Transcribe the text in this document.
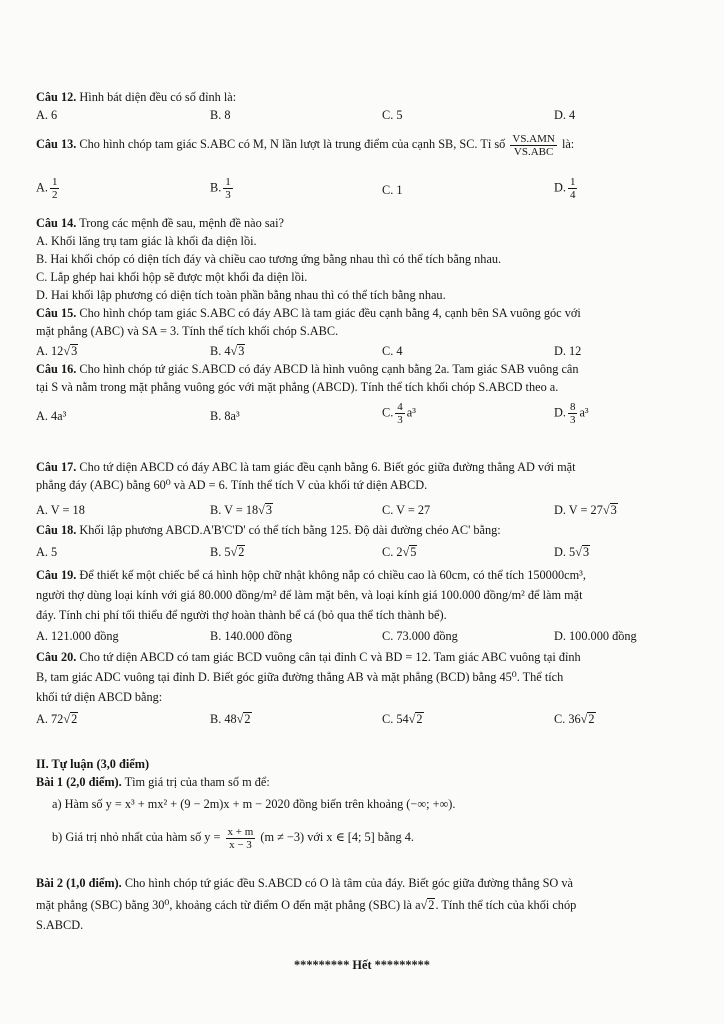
Câu 12. Hình bát diện đều có số đỉnh là:
A. 6	B. 8	C. 5	D. 4
Câu 13. Cho hình chóp tam giác S.ABC có M, N lần lượt là trung điểm của cạnh SB, SC. Tỉ số $\frac{\text{VS.AMN}}{\text{VS.ABC}}$ là:
A. $\frac{1}{2}$	B. $\frac{1}{3}$	C. 1	D. $\frac{1}{4}$
Câu 14. Trong các mệnh đề sau, mệnh đề nào sai?
A. Khối lăng trụ tam giác là khối đa diện lồi.
B. Hai khối chóp có diện tích đáy và chiều cao tương ứng bằng nhau thì có thể tích bằng nhau.
C. Lắp ghép hai khối hộp sẽ được một khối đa diện lồi.
D. Hai khối lập phương có diện tích toàn phần bằng nhau thì có thể tích bằng nhau.
Câu 15. Cho hình chóp tam giác S.ABC có đáy ABC là tam giác đều cạnh bằng 4, cạnh bên SA vuông góc với
mặt phẳng (ABC) và SA = 3. Tính thể tích khối chóp S.ABC.
A. 12√3	B. 4√3	C. 4	D. 12
Câu 16. Cho hình chóp tứ giác S.ABCD có đáy ABCD là hình vuông cạnh bằng 2a. Tam giác SAB vuông cân
tại S và nằm trong mặt phẳng vuông góc với mặt phẳng (ABCD). Tính thể tích khối chóp S.ABCD theo a.
A. 4a³	B. 8a³	C. $\frac{4}{3} a^3$	D. $\frac{8}{3} a^3$
Câu 17. Cho tứ diện ABCD có đáy ABC là tam giác đều cạnh bằng 6. Biết góc giữa đường thẳng AD với mặt
phẳng đáy (ABC) bằng 60⁰ và AD = 6. Tính thể tích V của khối tứ diện ABCD.
A. V = 18	B. V = 18√3	C. V = 27	D. V = 27√3
Câu 18. Khối lập phương ABCD.A'B'C'D' có thể tích bằng 125. Độ dài đường chéo AC' bằng:
A. 5	B. 5√2	C. 2√5	D. 5√3
Câu 19. Để thiết kế một chiếc bể cá hình hộp chữ nhật không nắp có chiều cao là 60cm, có thể tích 150000cm³,
người thợ dùng loại kính với giá 80.000 đồng/m² để làm mặt bên, và loại kính giá 100.000 đồng/m² để làm mặt
đáy. Tính chi phí tối thiểu để người thợ hoàn thành bể cá (bỏ qua thể tích thành bể).
A. 121.000 đồng	B. 140.000 đồng	C. 73.000 đồng	D. 100.000 đồng
Câu 20. Cho tứ diện ABCD có tam giác BCD vuông cân tại đỉnh C và BD = 12. Tam giác ABC vuông tại đỉnh
B, tam giác ADC vuông tại đỉnh D. Biết góc giữa đường thẳng AB và mặt phẳng (BCD) bằng 45⁰. Thể tích
khối tứ diện ABCD bằng:
A. 72√2	B. 48√2	C. 54√2	C. 36√2
II. Tự luận (3,0 điểm)
Bài 1 (2,0 điểm). Tìm giá trị của tham số m để:
a) Hàm số y = x³ + mx² + (9 − 2m)x + m − 2020 đồng biến trên khoảng (−∞; +∞).
b) Giá trị nhỏ nhất của hàm số $y = \frac{x + m}{x - 3} (m \ne -3)$ với x ∈ [4; 5] bằng 4.
Bài 2 (1,0 điểm). Cho hình chóp tứ giác đều S.ABCD có O là tâm của đáy. Biết góc giữa đường thẳng SO và
mặt phẳng (SBC) bằng 30⁰, khoảng cách từ điểm O đến mặt phẳng (SBC) là a√2. Tính thể tích của khối chóp
S.ABCD.
********* Hết *********
